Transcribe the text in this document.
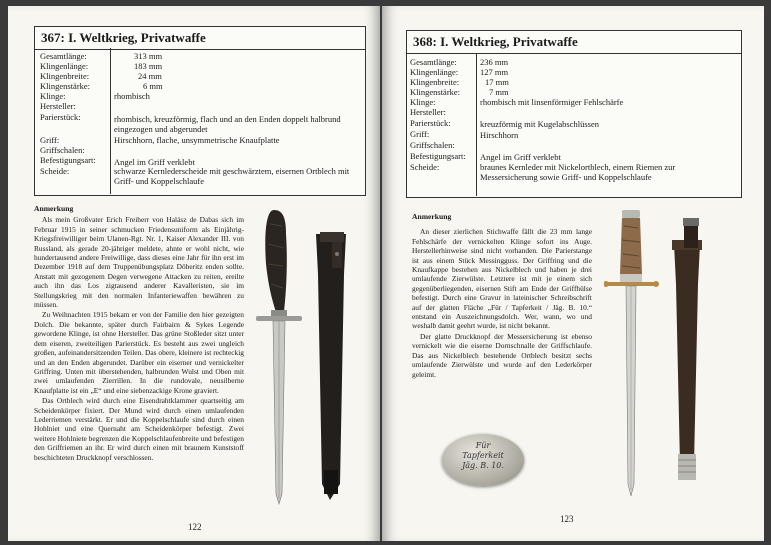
367: I. Weltkrieg, Privatwaffe
Gesamtlänge:	313 mm
Klingenlänge:	183 mm
Klingenbreite:	24 mm
Klingenstärke:	6 mm
Klinge:	rhombisch
Hersteller:
Parierstück:	rhombisch, kreuzförmig, flach und an den Enden doppelt halbrund eingezogen und abgerundet
Griff:	Hirschhorn, flache, unsymmetrische Knaufplatte
Griffschalen:
Befestigungsart: Angel im Griff verklebt
Scheide:	schwarze Kernlederscheide mit geschwärztem, eisernen Ortblech mit Griff- und Koppelschlaufe
Anmerkung

Als mein Großvater Erich Freiherr von Halász de Dabas sich im Februar 1915 in seiner schmucken Friedensuniform als Einjährig-Kriegsfreiwilliger beim Ulanen-Rgt. Nr. 1, Kaiser Alexander III. von Russland, als gerade 20-jähriger meldete, ahnte er wohl nicht, wie hundertausend andere Freiwillige, dass dieses eine Jahr für ihn erst im Dezember 1918 auf dem Truppenübungsplatz Döberitz enden sollte. Anstatt mit gezogenem Degen verwegene Attacken zu reiten, ereilte auch ihn das Los zigtausend anderer Kavalleristen, sie im Stellungskrieg mit den normalen Infanteriewaffen bewähren zu müssen.

Zu Weihnachten 1915 bekam er von der Familie den hier gezeigten Dolch. Die bekannte, später durch Fairbairn & Sykes Legende gewordene Klinge, ist ohne Hersteller. Das grüne Stoßleder sitzt unter dem eiseren, zweiteiligen Parierstück. Es besteht aus zwei ungleich großen, aufeinandersitzenden Teilen. Das obere, kleinere ist rechteckig und an den Enden abgerundet. Darüber ein eiserner und vernickelter Griffring. Unten mit überstehenden, halbrunden Wulst und Oben mit zwei umlaufenden Zierrillen. In die rundovale, neusilberne Knaufplatte ist ein „E“ und eine siebenzackige Krone graviert.

Das Ortblech wird durch eine Eisendrahtklammer quartseitig am Scheidenkörper fixiert. Der Mund wird durch einen umlaufenden Lederriemen verstärkt. Er und die Koppelschlaufe sind durch einen Hohlniet und eine Quernaht am Scheidenkörper befestigt. Zwei weitere Hohlniete begrenzen die Koppelschlaufenbreite und befestigen den Griffriemen an ihr. Er wird durch einen mit braunem Kunststoff beschichteten Druckknopf verschlossen.

122
368: I. Weltkrieg, Privatwaffe
Gesamtlänge:	236 mm
Klingenlänge:	127 mm
Klingenbreite:	17 mm
Klingenstärke:	7 mm
Klinge:	rhombisch mit linsenförmiger Fehlschärfe
Hersteller:
Parierstück:	kreuzförmig mit Kugelabschlüssen
Griff:	Hirschhorn
Griffschalen:
Befestigungsart: Angel im Griff verklebt
Scheide:	braunes Kernleder mit Nickelortblech, einem Riemen zur Messersicherung sowie Griff- und Koppelschlaufe
Anmerkung

An dieser zierlichen Stichwaffe fällt die 23 mm lange Fehlschärfe der vernickelten Klinge sofort ins Auge. Herstellerhinweise sind nicht vorhanden. Die Parierstange ist aus einem Stück Messingguss. Der Griffring und die Knaufkappe bestehen aus Nickelblech und haben je drei umlaufende Zierwülste. Letztere ist mit je einem sich gegenüberliegenden, eisernen Stift am Ende der Griffhülse befestigt. Durch eine Gravur in lateinischer Schreibschrift auf der glatten Fläche „Für / Tapferkeit / Jäg. B. 10.“ entstand ein Auszeichnungsdolch. Wer, wann, wo und weshalb damit geehrt wurde, ist nicht bekannt.

Der glatte Druckknopf der Messersicherung ist ebenso vernickelt wie die eiserne Dornschnalle der Griffschlaufe. Das aus Nickelblech bestehende Ortblech besitzt sechs umlaufende Zierwülste und wurde auf den Lederkörper geleimt.

Für
Tapferkeit
Jäg. B. 10.
123
